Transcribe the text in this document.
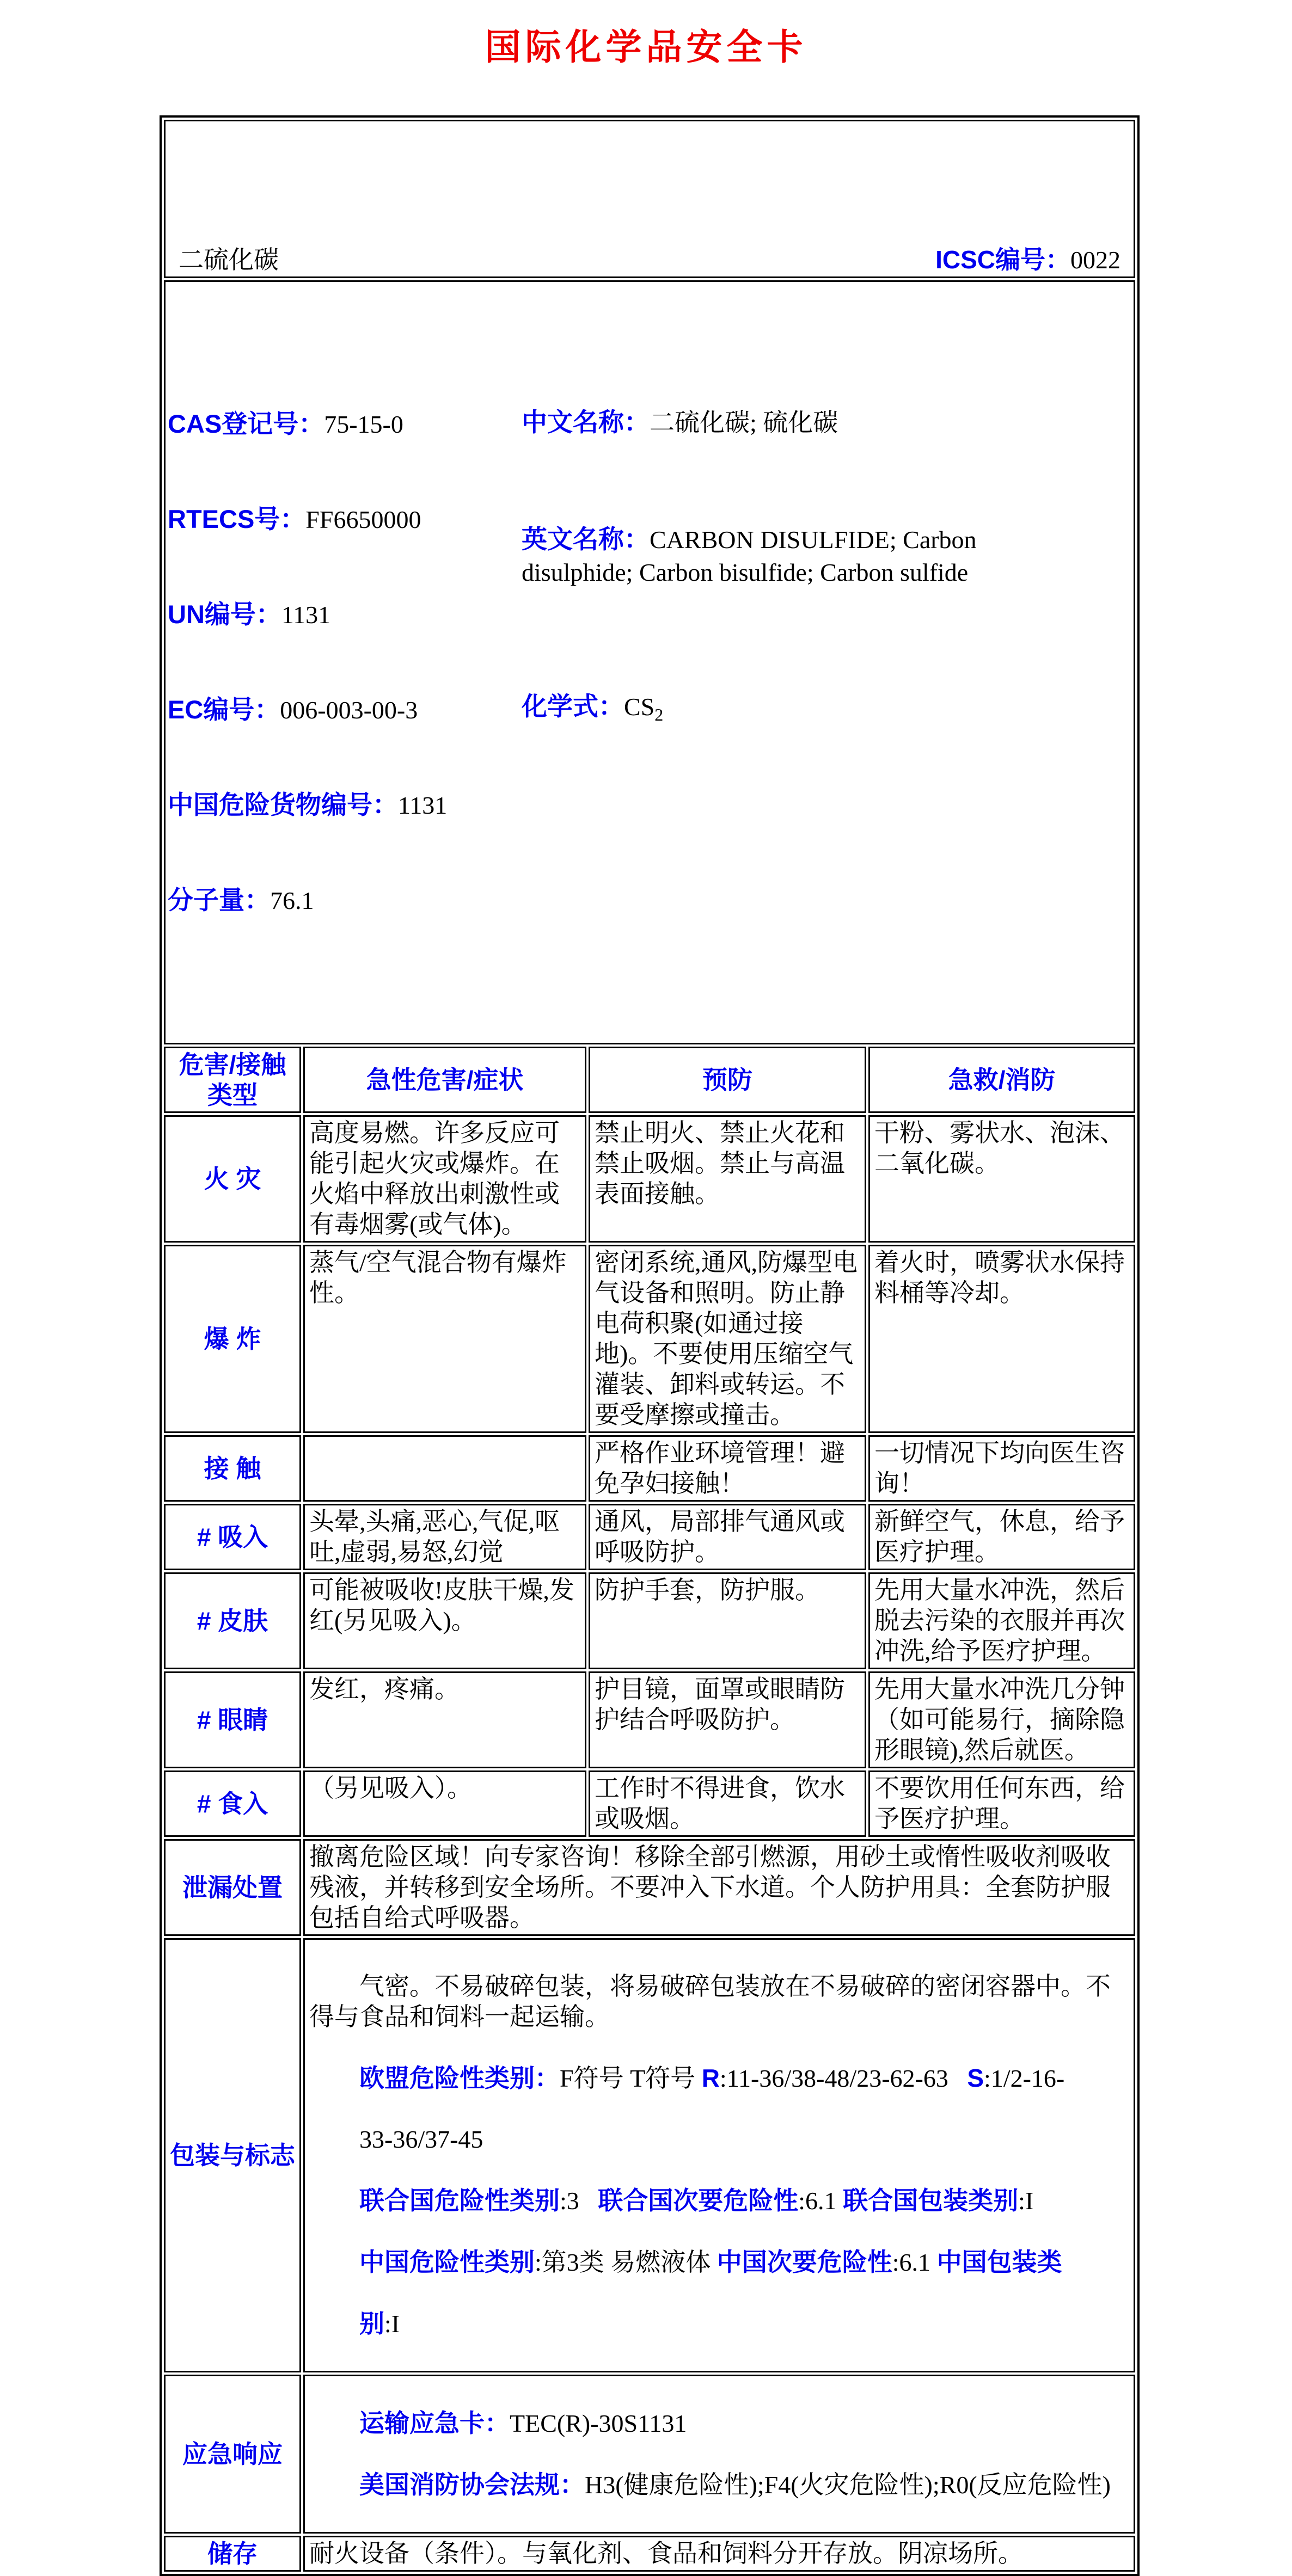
国际化学品安全卡

二硫化碳 ICSC编号：0022			

CAS登记号：75-15-0

RTECS号：FF6650000

UN编号：1131

EC编号：006-003-00-3

中国危险货物编号：1131

分子量：76.1

中文名称：二硫化碳; 硫化碳

英文名称：CARBON DISULFIDE; Carbon
disulphide; Carbon bisulfide; Carbon sulfide

化学式：$CS_2$

危害/接触
类型	急性危害/症状	预防	急救/消防
火 灾	高度易燃。许多反应可能引起火灾或爆炸。在火焰中释放出刺激性或有毒烟雾(或气体)。	禁止明火、禁止火花和禁止吸烟。禁止与高温表面接触。	干粉、雾状水、泡沫、二氧化碳。
爆 炸	蒸气/空气混合物有爆炸性。	密闭系统,通风,防爆型电气设备和照明。防止静电荷积聚(如通过接地)。不要使用压缩空气灌装、卸料或转运。不要受摩擦或撞击。	着火时，喷雾状水保持料桶等冷却。
接 触		严格作业环境管理！避免孕妇接触！	一切情况下均向医生咨询！
# 吸入	头晕,头痛,恶心,气促,呕吐,虚弱,易怒,幻觉	通风，局部排气通风或呼吸防护。	新鲜空气，休息，给予医疗护理。
# 皮肤	可能被吸收!皮肤干燥,发红(另见吸入)。	防护手套，防护服。	先用大量水冲洗，然后脱去污染的衣服并再次冲洗,给予医疗护理。
# 眼睛	发红，疼痛。	护目镜，面罩或眼睛防护结合呼吸防护。	先用大量水冲洗几分钟（如可能易行，摘除隐形眼镜),然后就医。
# 食入	（另见吸入）。	工作时不得进食，饮水或吸烟。	不要饮用任何东西，给予医疗护理。
泄漏处置	撤离危险区域！向专家咨询！移除全部引燃源，用砂土或惰性吸收剂吸收残液，并转移到安全场所。不要冲入下水道。个人防护用具：全套防护服包括自给式呼吸器。		
包装与标志	
气密。不易破碎包装，将易破碎包装放在不易破碎的密闭容器中。不得与食品和饲料一起运输。

欧盟危险性类别：F符号 T符号 R:11-36/38-48/23-62-63   S:1/2-16-

33-36/37-45

联合国危险性类别:3   联合国次要危险性:6.1 联合国包装类别:I

中国危险性类别:第3类 易燃液体 中国次要危险性:6.1 中国包装类

别:I

应急响应	运输应急卡：TEC(R)-30S1131

美国消防协会法规：H3(健康危险性);F4(火灾危险性);R0(反应危险性)		

储存	耐火设备（条件）。与氧化剂、食品和饲料分开存放。阴凉场所。		
